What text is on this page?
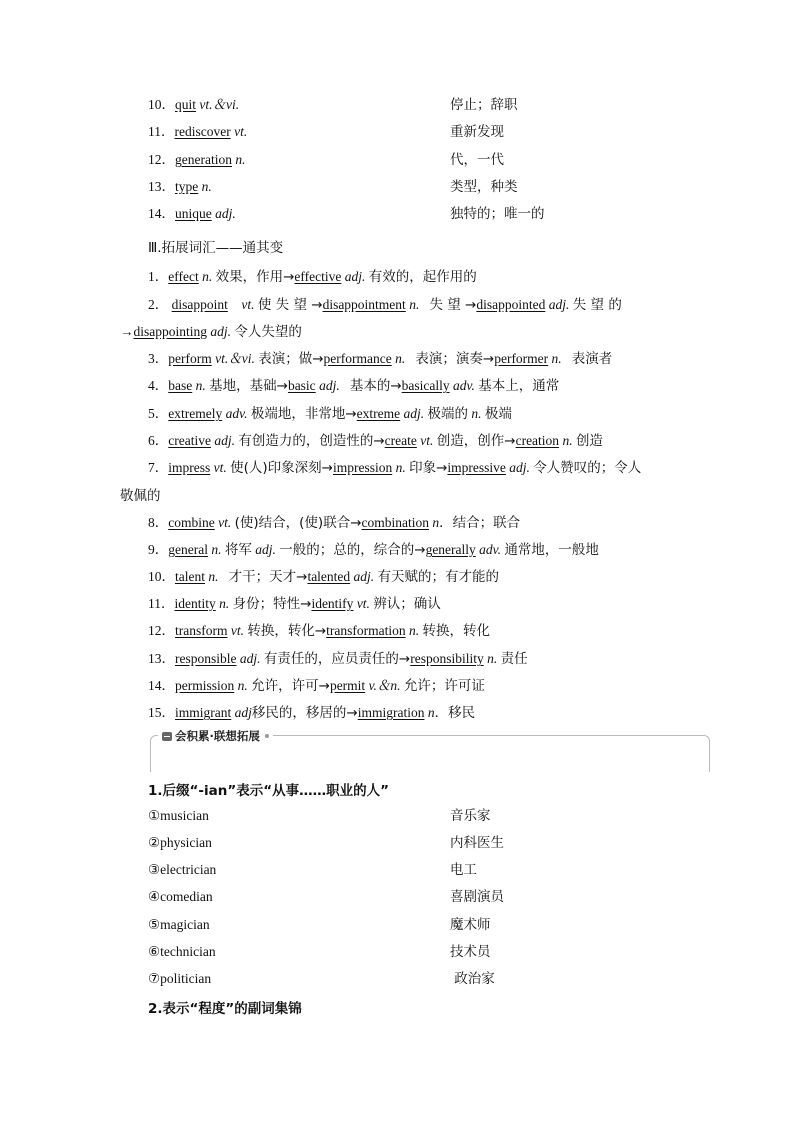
10．quit vt.＆vi.	停止；辞职
11．rediscover vt.	重新发现
12．generation n.	代，一代
13．type n.	类型，种类
14．unique adj.	独特的；唯一的
Ⅲ.拓展词汇——通其变
1．effect n. 效果，作用→effective adj. 有效的，起作用的
2． disappoint vt. 使 失 望 →disappointment n. 失 望 →disappointed adj. 失 望 的
→disappointing adj. 令人失望的
3．perform vt.＆vi. 表演；做→performance n. 表演；演奏→performer n. 表演者
4．base n. 基地，基础→basic adj. 基本的→basically adv. 基本上，通常
5．extremely adv. 极端地，非常地→extreme adj. 极端的 n. 极端
6．creative adj. 有创造力的，创造性的→create vt. 创造，创作→creation n. 创造
7．impress vt. 使(人)印象深刻→impression n. 印象→impressive adj. 令人赞叹的；令人
敬佩的
8．combine vt. (使)结合，(使)联合→combination n．结合；联合
9．general n. 将军 adj. 一般的；总的，综合的→generally adv. 通常地，一般地
10．talent n. 才干；天才→talented adj. 有天赋的；有才能的
11．identity n. 身份；特性→identify vt. 辨认；确认
12．transform vt. 转换，转化→transformation n. 转换，转化
13．responsible adj. 有责任的，应员责任的→responsibility n. 责任
14．permission n. 允许，许可→permit v.＆n. 允许；许可证
15．immigrant adj移民的，移居的→immigration n．移民
会积累·联想拓展
1.后缀“-ian”表示“从事……职业的人”
①musician	音乐家
②physician	内科医生
③electrician	电工
④comedian	喜剧演员
⑤magician	魔术师
⑥technician	技术员
⑦politician	政治家
2.表示“程度”的副词集锦
